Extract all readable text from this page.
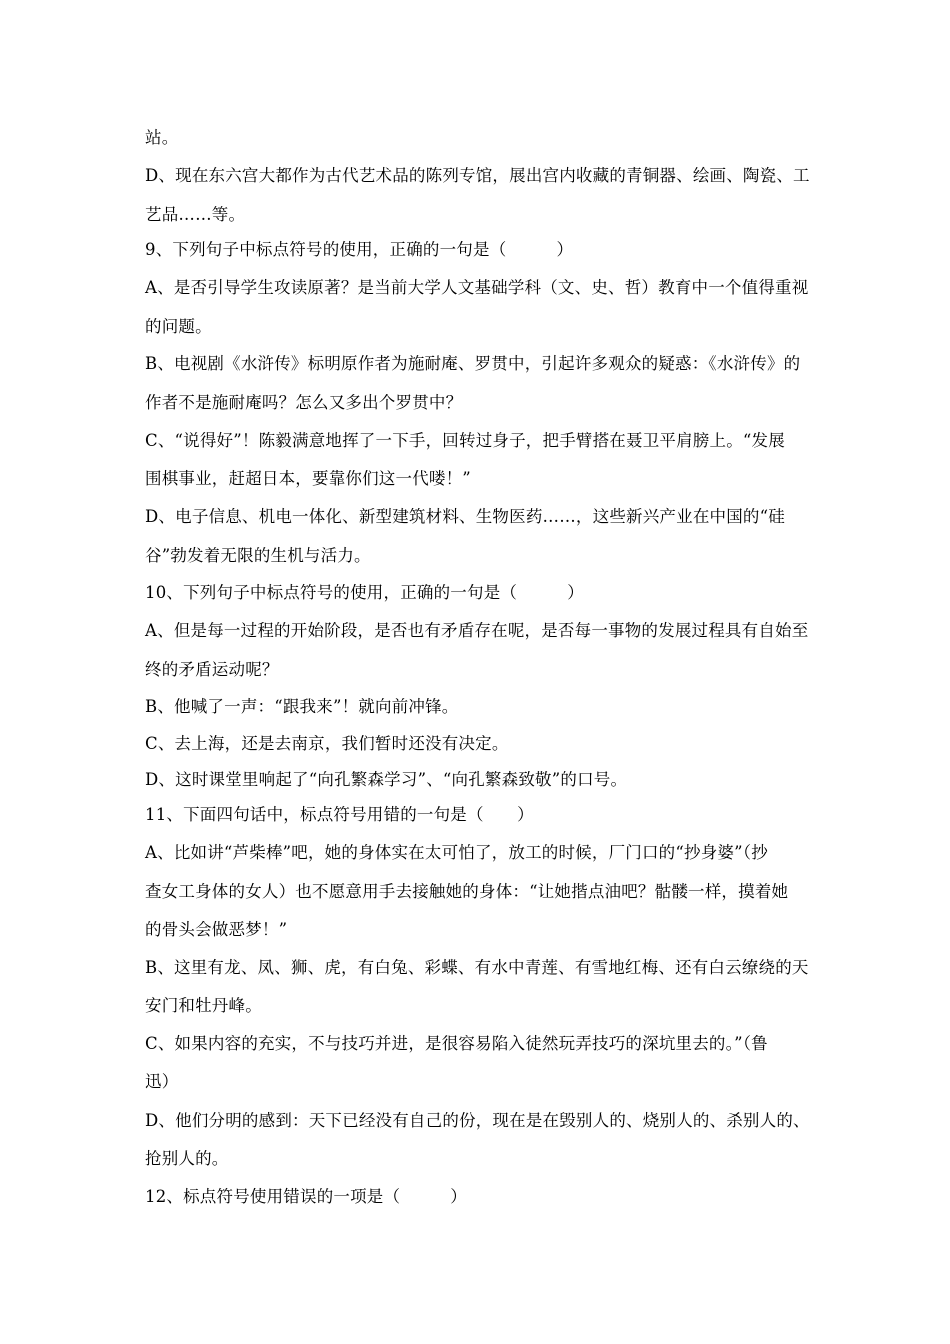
站。
D、现在东六宫大都作为古代艺术品的陈列专馆，展出宫内收藏的青铜器、绘画、陶瓷、工
艺品……等。
9、下列句子中标点符号的使用，正确的一句是（　　　）
A、是否引导学生攻读原著？是当前大学人文基础学科（文、史、哲）教育中一个值得重视
的问题。
B、电视剧《水浒传》标明原作者为施耐庵、罗贯中，引起许多观众的疑惑：《水浒传》的
作者不是施耐庵吗？怎么又多出个罗贯中？
C、“说得好”！陈毅满意地挥了一下手，回转过身子，把手臂搭在聂卫平肩膀上。“发展
围棋事业，赶超日本，要靠你们这一代喽！”
D、电子信息、机电一体化、新型建筑材料、生物医药……，这些新兴产业在中国的“硅
谷”勃发着无限的生机与活力。
10、下列句子中标点符号的使用，正确的一句是（　　　）
A、但是每一过程的开始阶段，是否也有矛盾存在呢，是否每一事物的发展过程具有自始至
终的矛盾运动呢？
B、他喊了一声：“跟我来”！就向前冲锋。
C、去上海，还是去南京，我们暂时还没有决定。
D、这时课堂里响起了“向孔繁森学习”、“向孔繁森致敬”的口号。
11、下面四句话中，标点符号用错的一句是（　　）
A、比如讲“芦柴棒”吧，她的身体实在太可怕了，放工的时候，厂门口的“抄身婆”（抄
查女工身体的女人）也不愿意用手去接触她的身体：“让她揩点油吧？骷髅一样，摸着她
的骨头会做恶梦！”
B、这里有龙、凤、狮、虎，有白兔、彩蝶、有水中青莲、有雪地红梅、还有白云缭绕的天
安门和牡丹峰。
C、如果内容的充实，不与技巧并进，是很容易陷入徒然玩弄技巧的深坑里去的。”（鲁
迅）
D、他们分明的感到：天下已经没有自己的份，现在是在毁别人的、烧别人的、杀别人的、
抢别人的。
12、标点符号使用错误的一项是（　　　）
